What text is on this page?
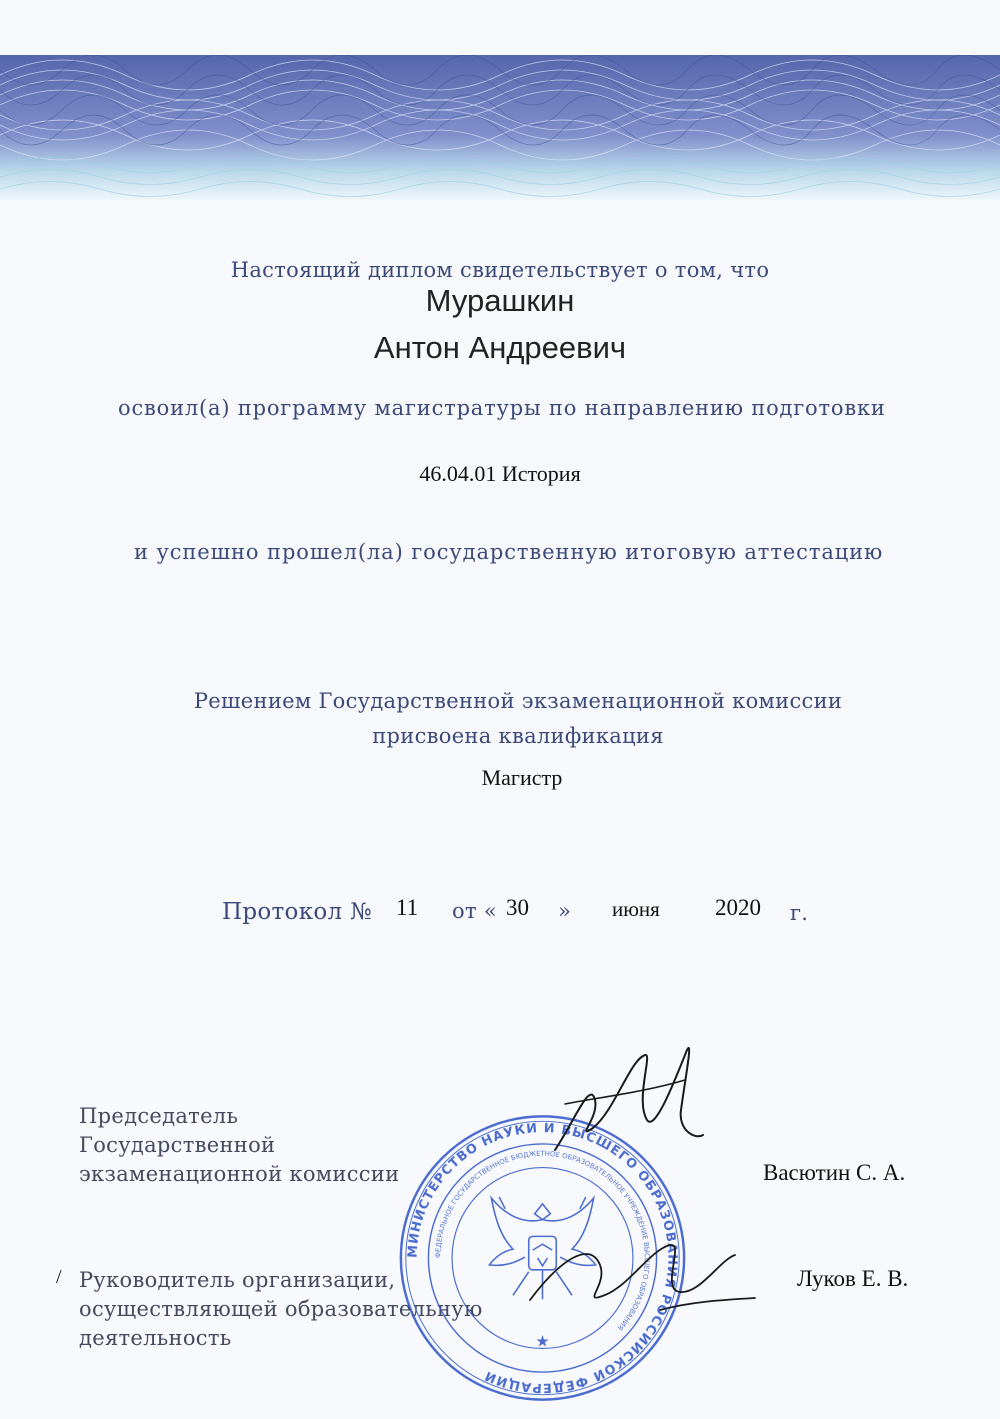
Настоящий диплом свидетельствует о том, что
Мурашкин
Антон Андреевич
освоил(а) программу магистратуры по направлению подготовки
46.04.01 История
и успешно прошел(ла) государственную итоговую аттестацию
Решением Государственной экзаменационной комиссии
присвоена квалификация
Магистр
Протокол № 11 от « 30 » июня 2020 г.
Председатель
Государственной
экзаменационной комиссии	Васютин С. А.
/ Руководитель организации,
осуществляющей образовательную
деятельность
Луков Е. В.
МИНИСТЕРСТВО НАУКИ И ВЫСШЕГО ОБРАЗОВАНИЯ РОССИЙСКОЙ ФЕДЕРАЦИИ
ФЕДЕРАЛЬНОЕ ГОСУДАРСТВЕННОЕ БЮДЖЕТНОЕ ОБРАЗОВАТЕЛЬНОЕ УЧРЕЖДЕНИЕ ВЫСШЕГО ОБРАЗОВАНИЯ
★
